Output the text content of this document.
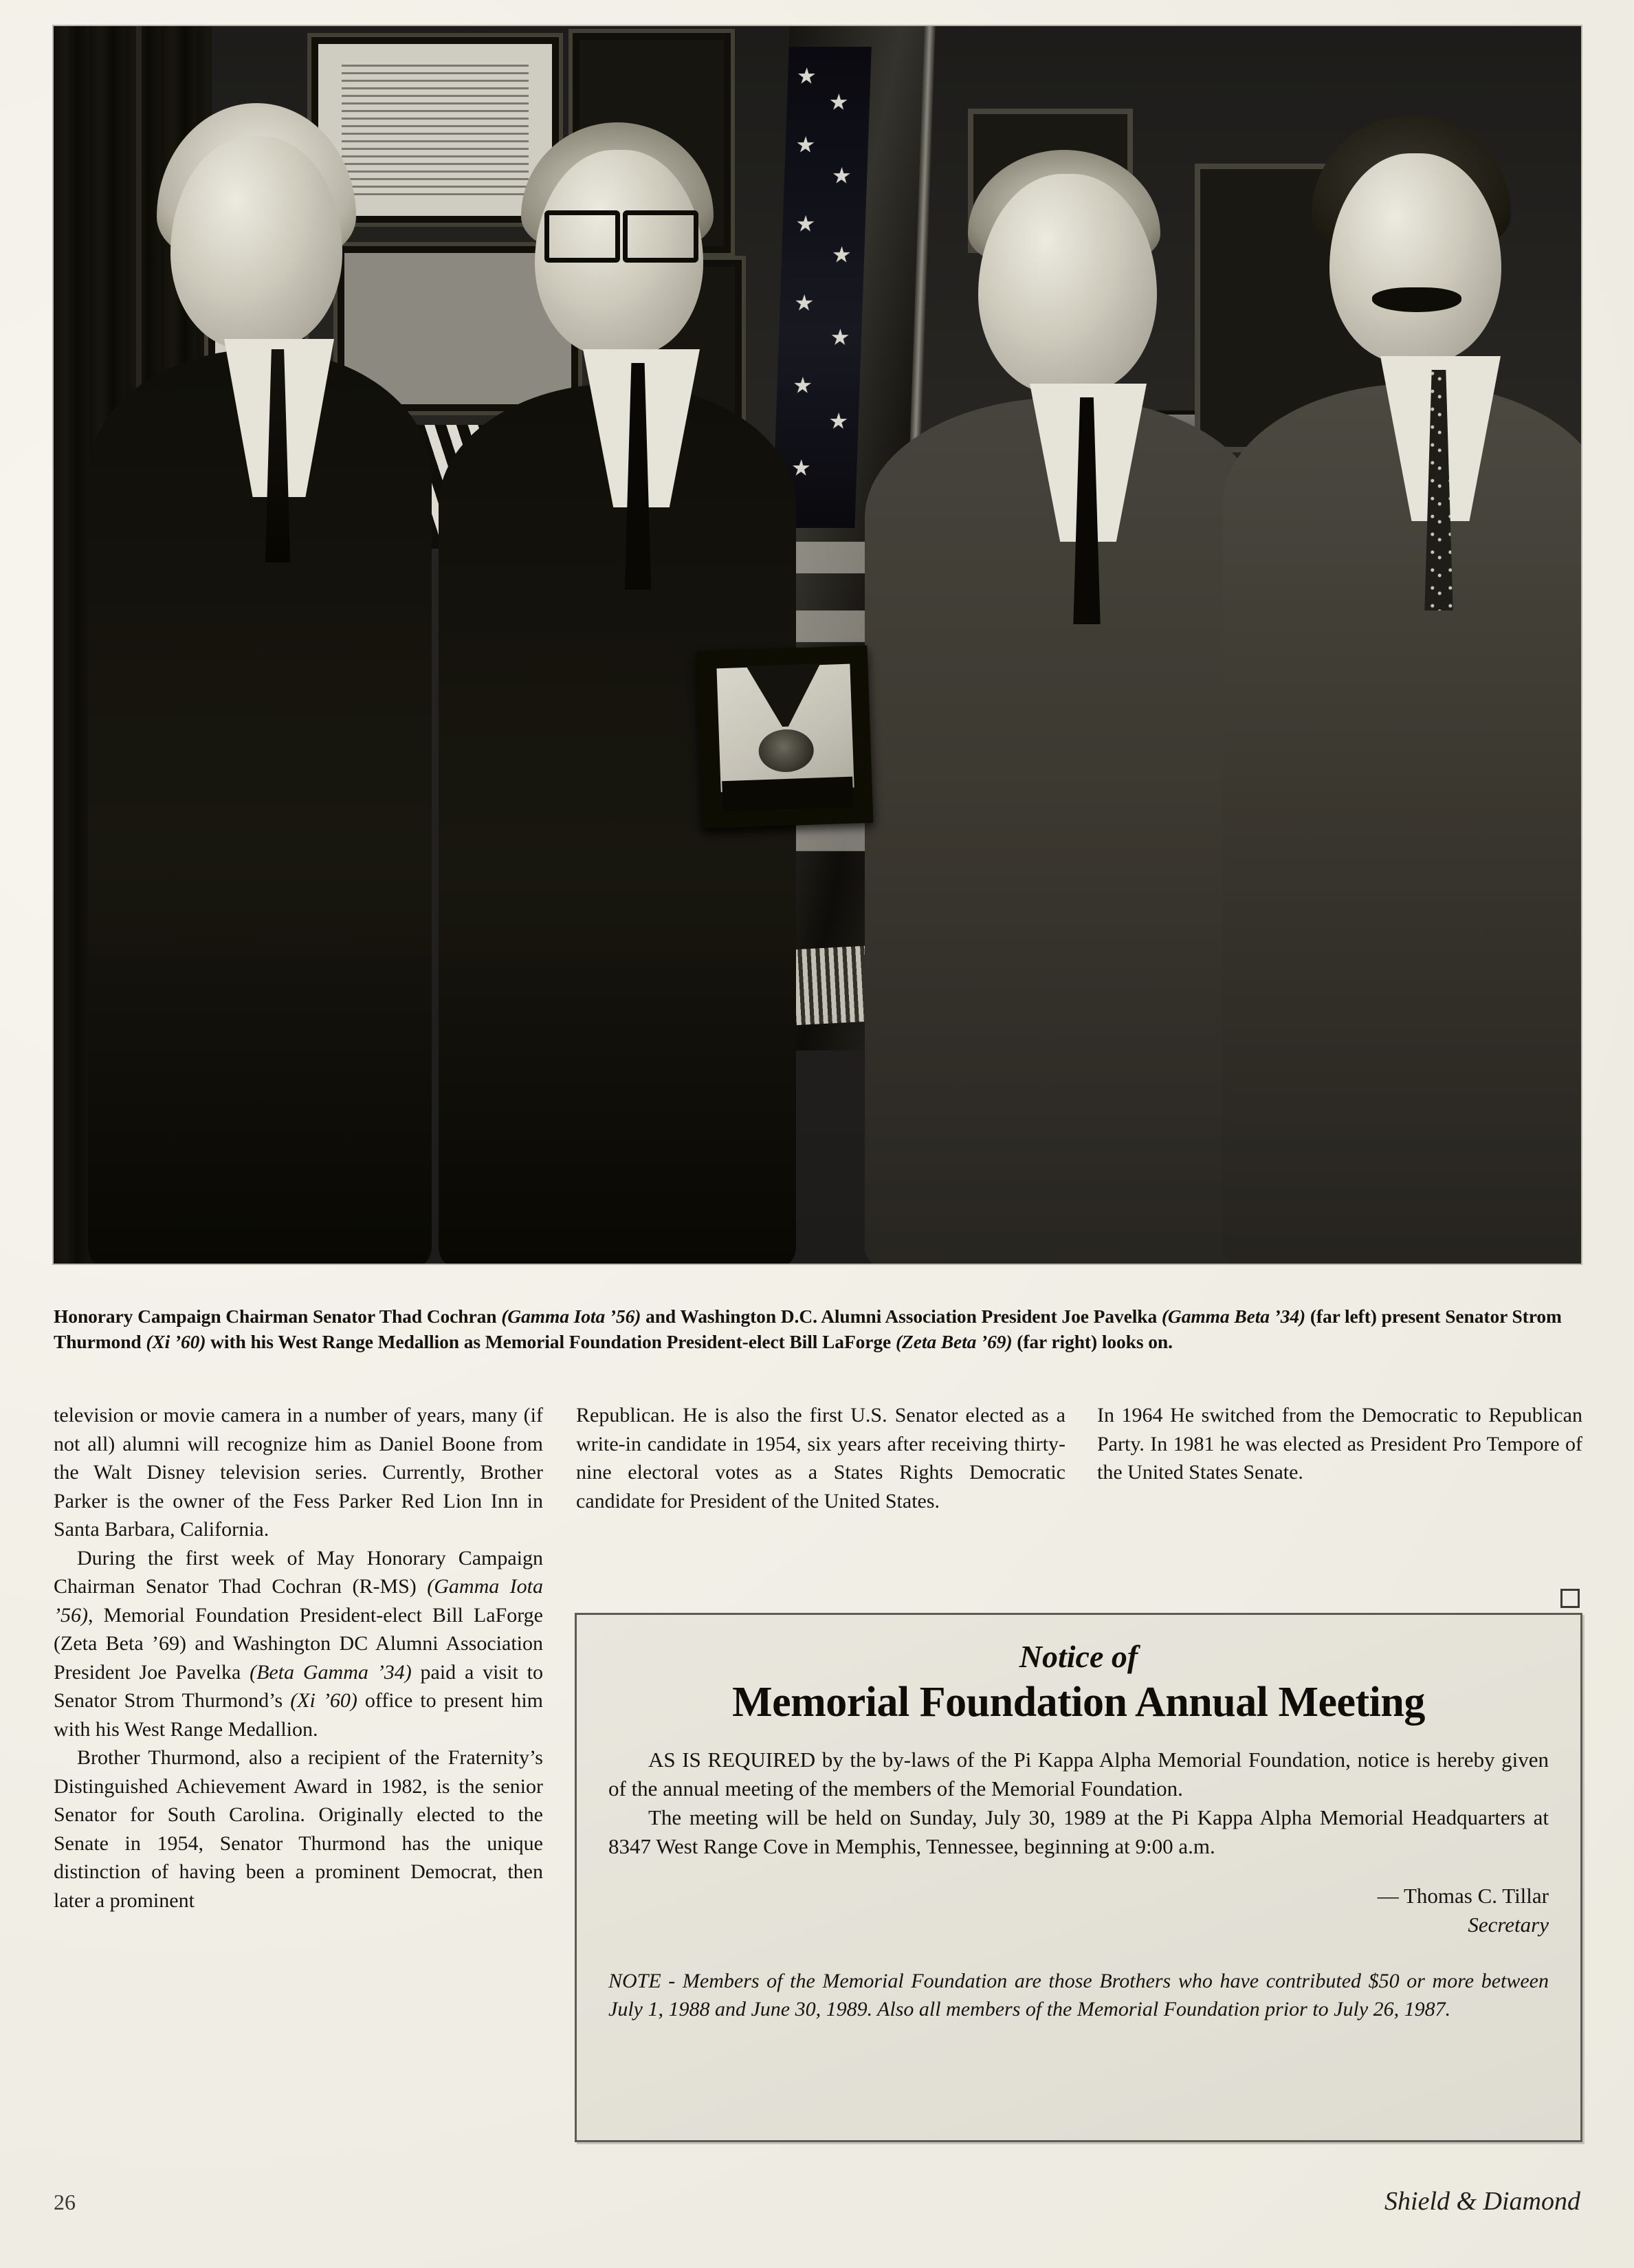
Honorary Campaign Chairman Senator Thad Cochran (Gamma Iota ’56) and Washington D.C. Alumni Association President Joe Pavelka (Gamma Beta ’34) (far left) present Senator Strom Thurmond (Xi ’60) with his West Range Medallion as Memorial Foundation President-elect Bill LaForge (Zeta Beta ’69) (far right) looks on.

television or movie camera in a number of years, many (if not all) alumni will recognize him as Daniel Boone from the Walt Disney television series. Currently, Brother Parker is the owner of the Fess Parker Red Lion Inn in Santa Barbara, California.

During the first week of May Honorary Campaign Chairman Senator Thad Cochran (R-MS) (Gamma Iota ’56), Memorial Foundation President-elect Bill LaForge (Zeta Beta ’69) and Washington DC Alumni Association President Joe Pavelka (Beta Gamma ’34) paid a visit to Senator Strom Thurmond’s (Xi ’60) office to present him with his West Range Medallion.

Brother Thurmond, also a recipient of the Fraternity’s Distinguished Achievement Award in 1982, is the senior Senator for South Carolina. Originally elected to the Senate in 1954, Senator Thurmond has the unique distinction of having been a prominent Democrat, then later a prominent

Republican. He is also the first U.S. Senator elected as a write-in candidate in 1954, six years after receiving thirty-nine electoral votes as a States Rights Democratic candidate for President of the United States.

In 1964 He switched from the Democratic to Republican Party. In 1981 he was elected as President Pro Tempore of the United States Senate.

Notice of
Memorial Foundation Annual Meeting

AS IS REQUIRED by the by-laws of the Pi Kappa Alpha Memorial Foundation, notice is hereby given of the annual meeting of the members of the Memorial Foundation.

The meeting will be held on Sunday, July 30, 1989 at the Pi Kappa Alpha Memorial Headquarters at 8347 West Range Cove in Memphis, Tennessee, beginning at 9:00 a.m.

— Thomas C. Tillar
Secretary
NOTE - Members of the Memorial Foundation are those Brothers who have contributed $50 or more between July 1, 1988 and June 30, 1989. Also all members of the Memorial Foundation prior to July 26, 1987.
26	Shield & Diamond
